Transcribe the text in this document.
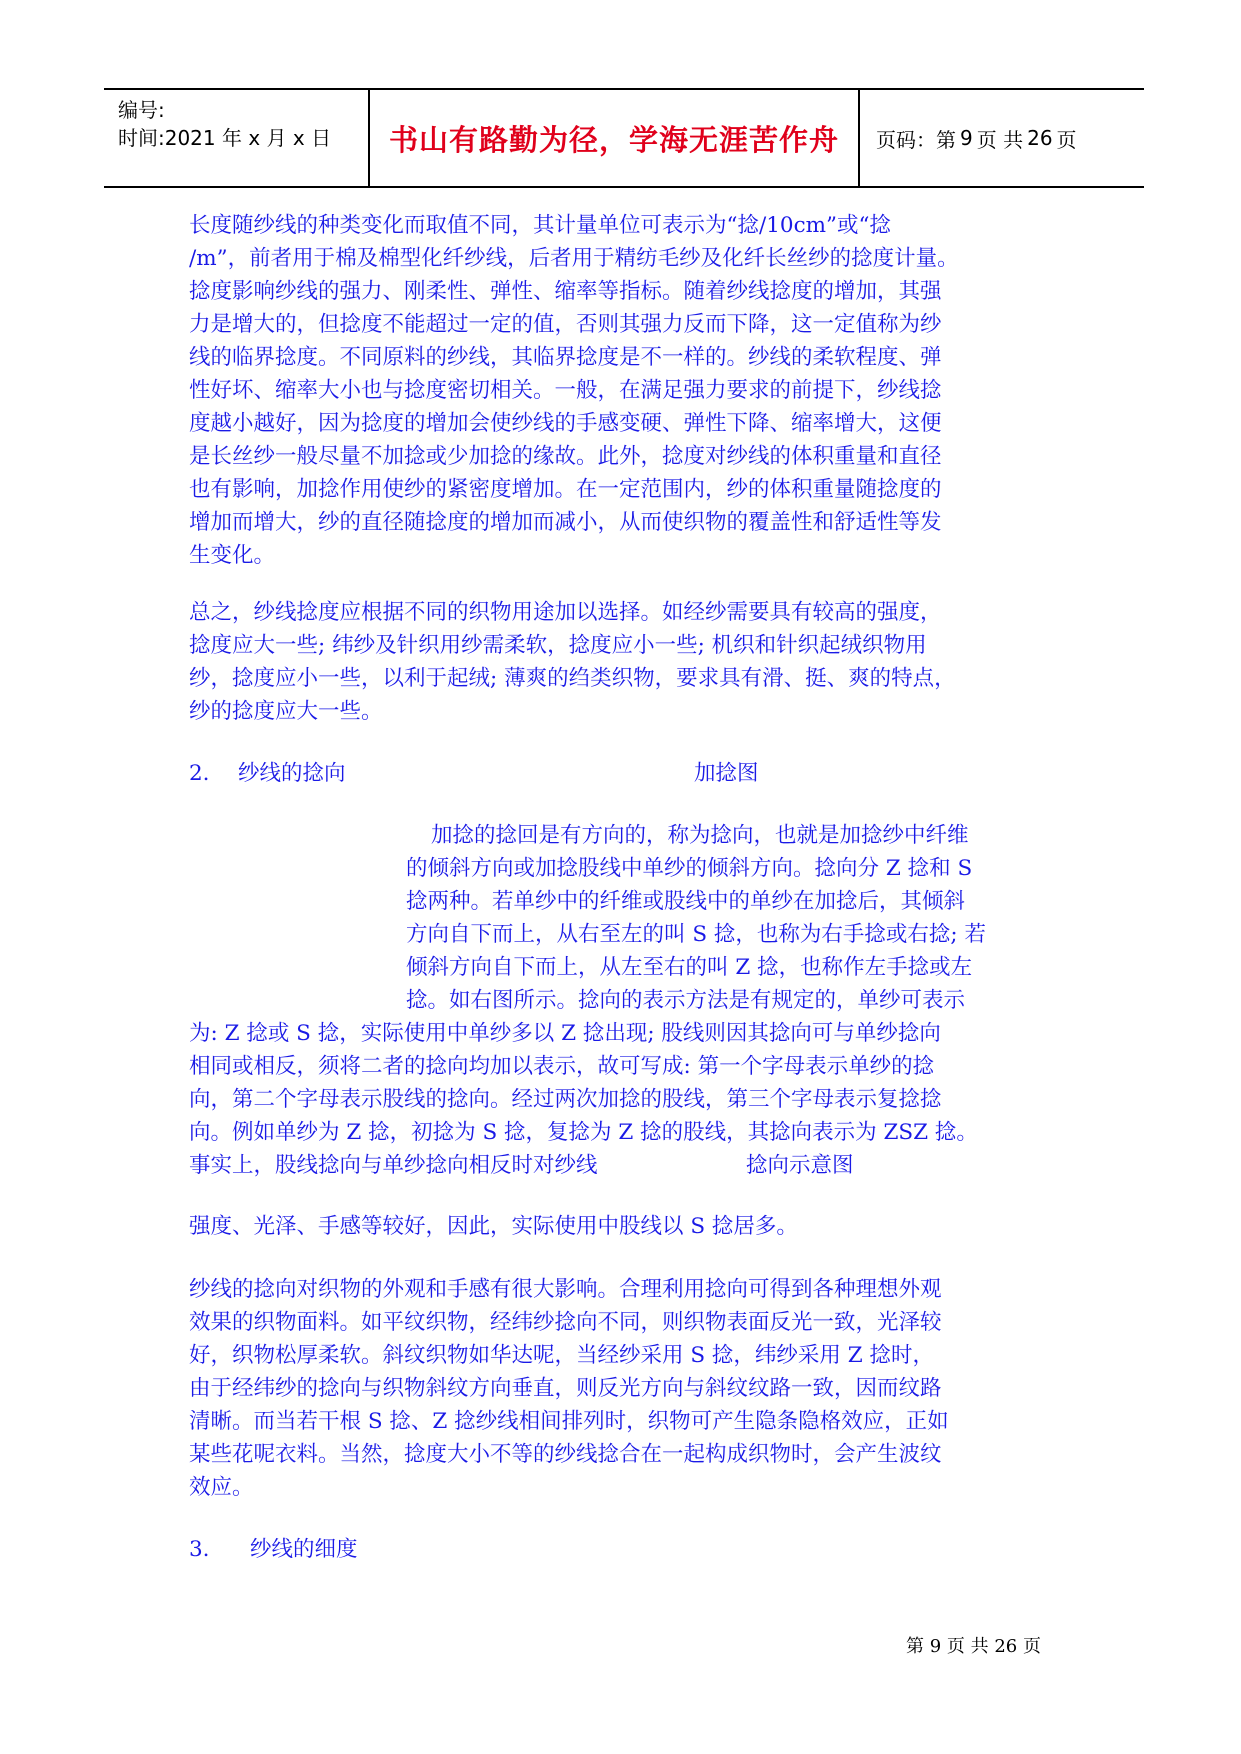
编号:
时间:2021 年 x 月 x 日	书山有路勤为径，学海无涯苦作舟	页码：第 9 页 共 26 页

长度随纱线的种类变化而取值不同，其计量单位可表示为“捻/10cm”或“捻

/m”，前者用于棉及棉型化纤纱线，后者用于精纺毛纱及化纤长丝纱的捻度计量。

捻度影响纱线的强力、刚柔性、弹性、缩率等指标。随着纱线捻度的增加，其强

力是增大的，但捻度不能超过一定的值，否则其强力反而下降，这一定值称为纱

线的临界捻度。不同原料的纱线，其临界捻度是不一样的。纱线的柔软程度、弹

性好坏、缩率大小也与捻度密切相关。一般，在满足强力要求的前提下，纱线捻

度越小越好，因为捻度的增加会使纱线的手感变硬、弹性下降、缩率增大，这便

是长丝纱一般尽量不加捻或少加捻的缘故。此外，捻度对纱线的体积重量和直径

也有影响，加捻作用使纱的紧密度增加。在一定范围内，纱的体积重量随捻度的

增加而增大，纱的直径随捻度的增加而减小，从而使织物的覆盖性和舒适性等发

生变化。

总之，纱线捻度应根据不同的织物用途加以选择。如经纱需要具有较高的强度，

捻度应大一些; 纬纱及针织用纱需柔软，捻度应小一些; 机织和针织起绒织物用

纱，捻度应小一些，以利于起绒; 薄爽的绉类织物，要求具有滑、挺、爽的特点，

纱的捻度应大一些。

2. 纱线的捻向	加捻图

加捻的捻回是有方向的，称为捻向，也就是加捻纱中纤维

的倾斜方向或加捻股线中单纱的倾斜方向。捻向分 Z 捻和 S

捻两种。若单纱中的纤维或股线中的单纱在加捻后，其倾斜

方向自下而上，从右至左的叫 S 捻，也称为右手捻或右捻; 若

倾斜方向自下而上，从左至右的叫 Z 捻，也称作左手捻或左

捻。如右图所示。捻向的表示方法是有规定的，单纱可表示

为: Z 捻或 S 捻，实际使用中单纱多以 Z 捻出现; 股线则因其捻向可与单纱捻向

相同或相反，须将二者的捻向均加以表示，故可写成: 第一个字母表示单纱的捻

向，第二个字母表示股线的捻向。经过两次加捻的股线，第三个字母表示复捻捻

向。例如单纱为 Z 捻，初捻为 S 捻，复捻为 Z 捻的股线，其捻向表示为 ZSZ 捻。

事实上，股线捻向与单纱捻向相反时对纱线	捻向示意图
强度、光泽、手感等较好，因此，实际使用中股线以 S 捻居多。

纱线的捻向对织物的外观和手感有很大影响。合理利用捻向可得到各种理想外观

效果的织物面料。如平纹织物，经纬纱捻向不同，则织物表面反光一致，光泽较

好，织物松厚柔软。斜纹织物如华达呢，当经纱采用 S 捻，纬纱采用 Z 捻时，

由于经纬纱的捻向与织物斜纹方向垂直，则反光方向与斜纹纹路一致，因而纹路

清晰。而当若干根 S 捻、Z 捻纱线相间排列时，织物可产生隐条隐格效应，正如

某些花呢衣料。当然，捻度大小不等的纱线捻合在一起构成织物时，会产生波纹

效应。

3. 纱线的细度
第 9 页 共 26 页
